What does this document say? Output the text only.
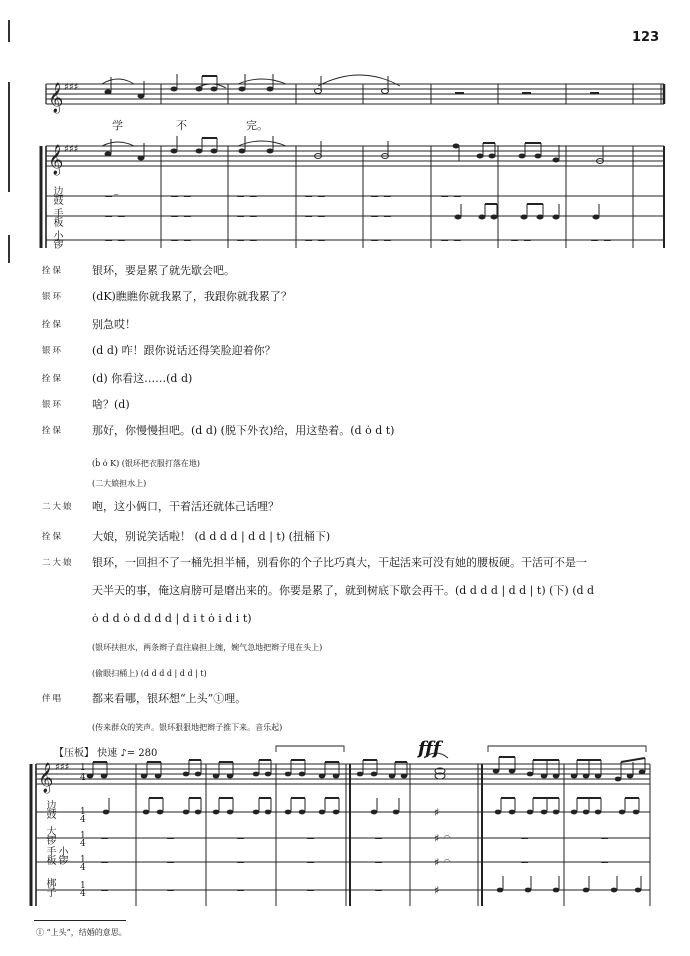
123
𝄞
𝄞
♯♯♯
♯♯♯
−⁻	− −	− −	− −	− −	− −
− −	− −	− −	− −	− −
− −	− −	− −	− −	− −	− −	− −	− −
学	不	完。
边鼓
手板
小锣
拴保	银环，要是累了就先歇会吧。
银环	(dK)瞧瞧你就我累了，我跟你就我累了？
拴保	别急哎！
银环	(d d) 咋！跟你说话还得笑脸迎着你？
拴保	(d) 你看这……(d d)
银环	啥？(d)
拴保	那好，你慢慢担吧。(d d) (脱下外衣)给，用这垫着。(d ȯ d t)
(ḃ ȯ K) (银环把衣服打落在地)
(二大娘担水上)
二大娘 咆，这小俩口，干着活还就体己话哩？
拴保	大娘，别说笑话啦！ (d d d d | d d | t) (扭桶下)
二大娘 银环，一回担不了一桶先担半桶，别看你的个子比巧真大，干起活来可没有她的腰板硬。干活可不是一
天半天的事，俺这肩膀可是磨出来的。你要是累了，就到树底下歇会再干。(d d d d | d d | t) (下) (d d
ȯ d d ȯ d d d d | d i t ȯ i d i t)
(银环扶担水，两条辫子直往扁担上缠，婉气急地把辫子甩在头上)
(偷眼扫桶上) (d d d d | d d | t)
伴唱	都来看哪，银环想“上头”①哩。
(传来群众的笑声。银环狠狠地把辫子推下来。音乐起)
【压板】 快速 ♪= 280	fff
𝄞 ♯♯♯ 1
4
1
4
1
4
1
4
1
4
−	−	−	−	−	−	−
−	−	−	−	−	−	−
−	−	−	−	−
♯
♯
♯
♯
𝄐
𝄐
边鼓
大锣
手板 小锣
梆子
① “上头”，结婚的意思。
